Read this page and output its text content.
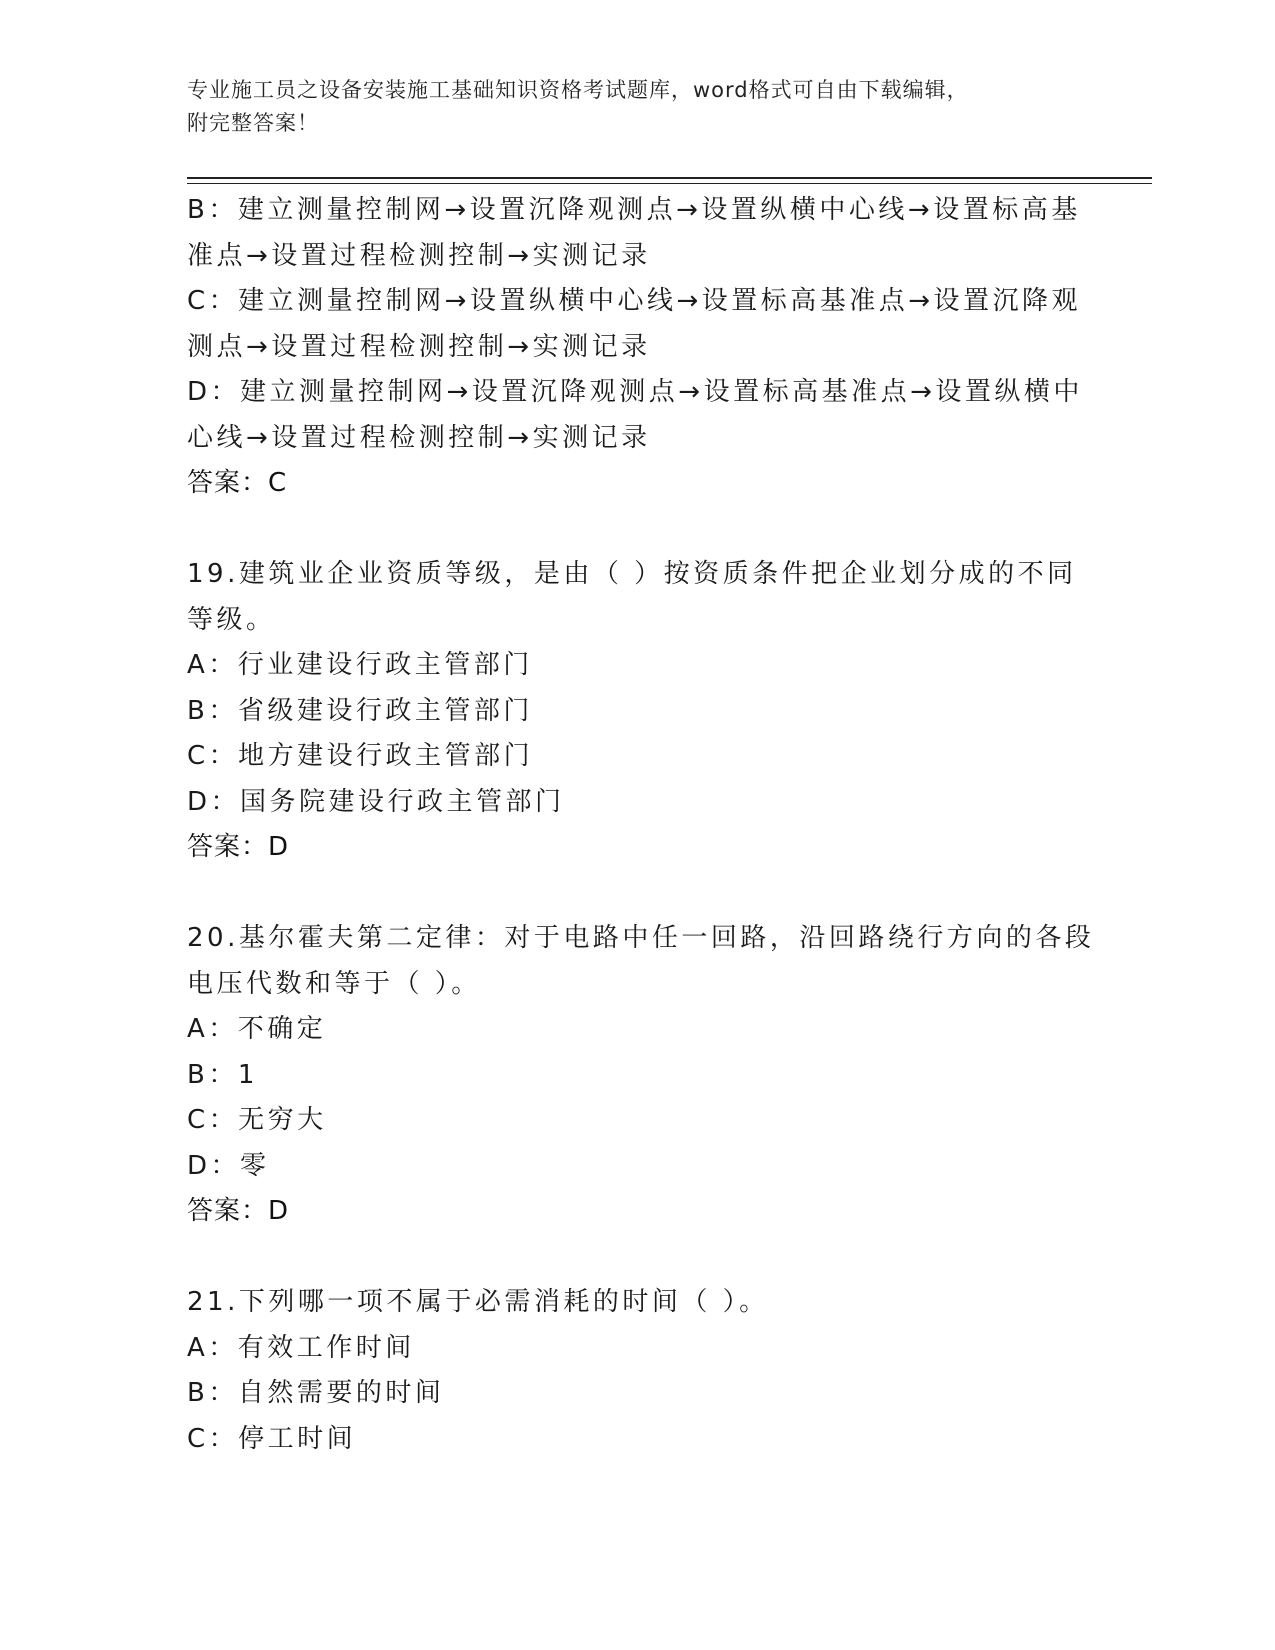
专业施工员之设备安装施工基础知识资格考试题库，word格式可自由下载编辑，
附完整答案！
B：建立测量控制网→设置沉降观测点→设置纵横中心线→设置标高基
准点→设置过程检测控制→实测记录
C：建立测量控制网→设置纵横中心线→设置标高基准点→设置沉降观
测点→设置过程检测控制→实测记录
D：建立测量控制网→设置沉降观测点→设置标高基准点→设置纵横中
心线→设置过程检测控制→实测记录
答案：C
19.建筑业企业资质等级，是由（ ）按资质条件把企业划分成的不同
等级。
A：行业建设行政主管部门
B：省级建设行政主管部门
C：地方建设行政主管部门
D：国务院建设行政主管部门
答案：D
20.基尔霍夫第二定律：对于电路中任一回路，沿回路绕行方向的各段
电压代数和等于（ ）。
A：不确定
B：1
C：无穷大
D：零
答案：D
21.下列哪一项不属于必需消耗的时间（ ）。
A：有效工作时间
B：自然需要的时间
C：停工时间
